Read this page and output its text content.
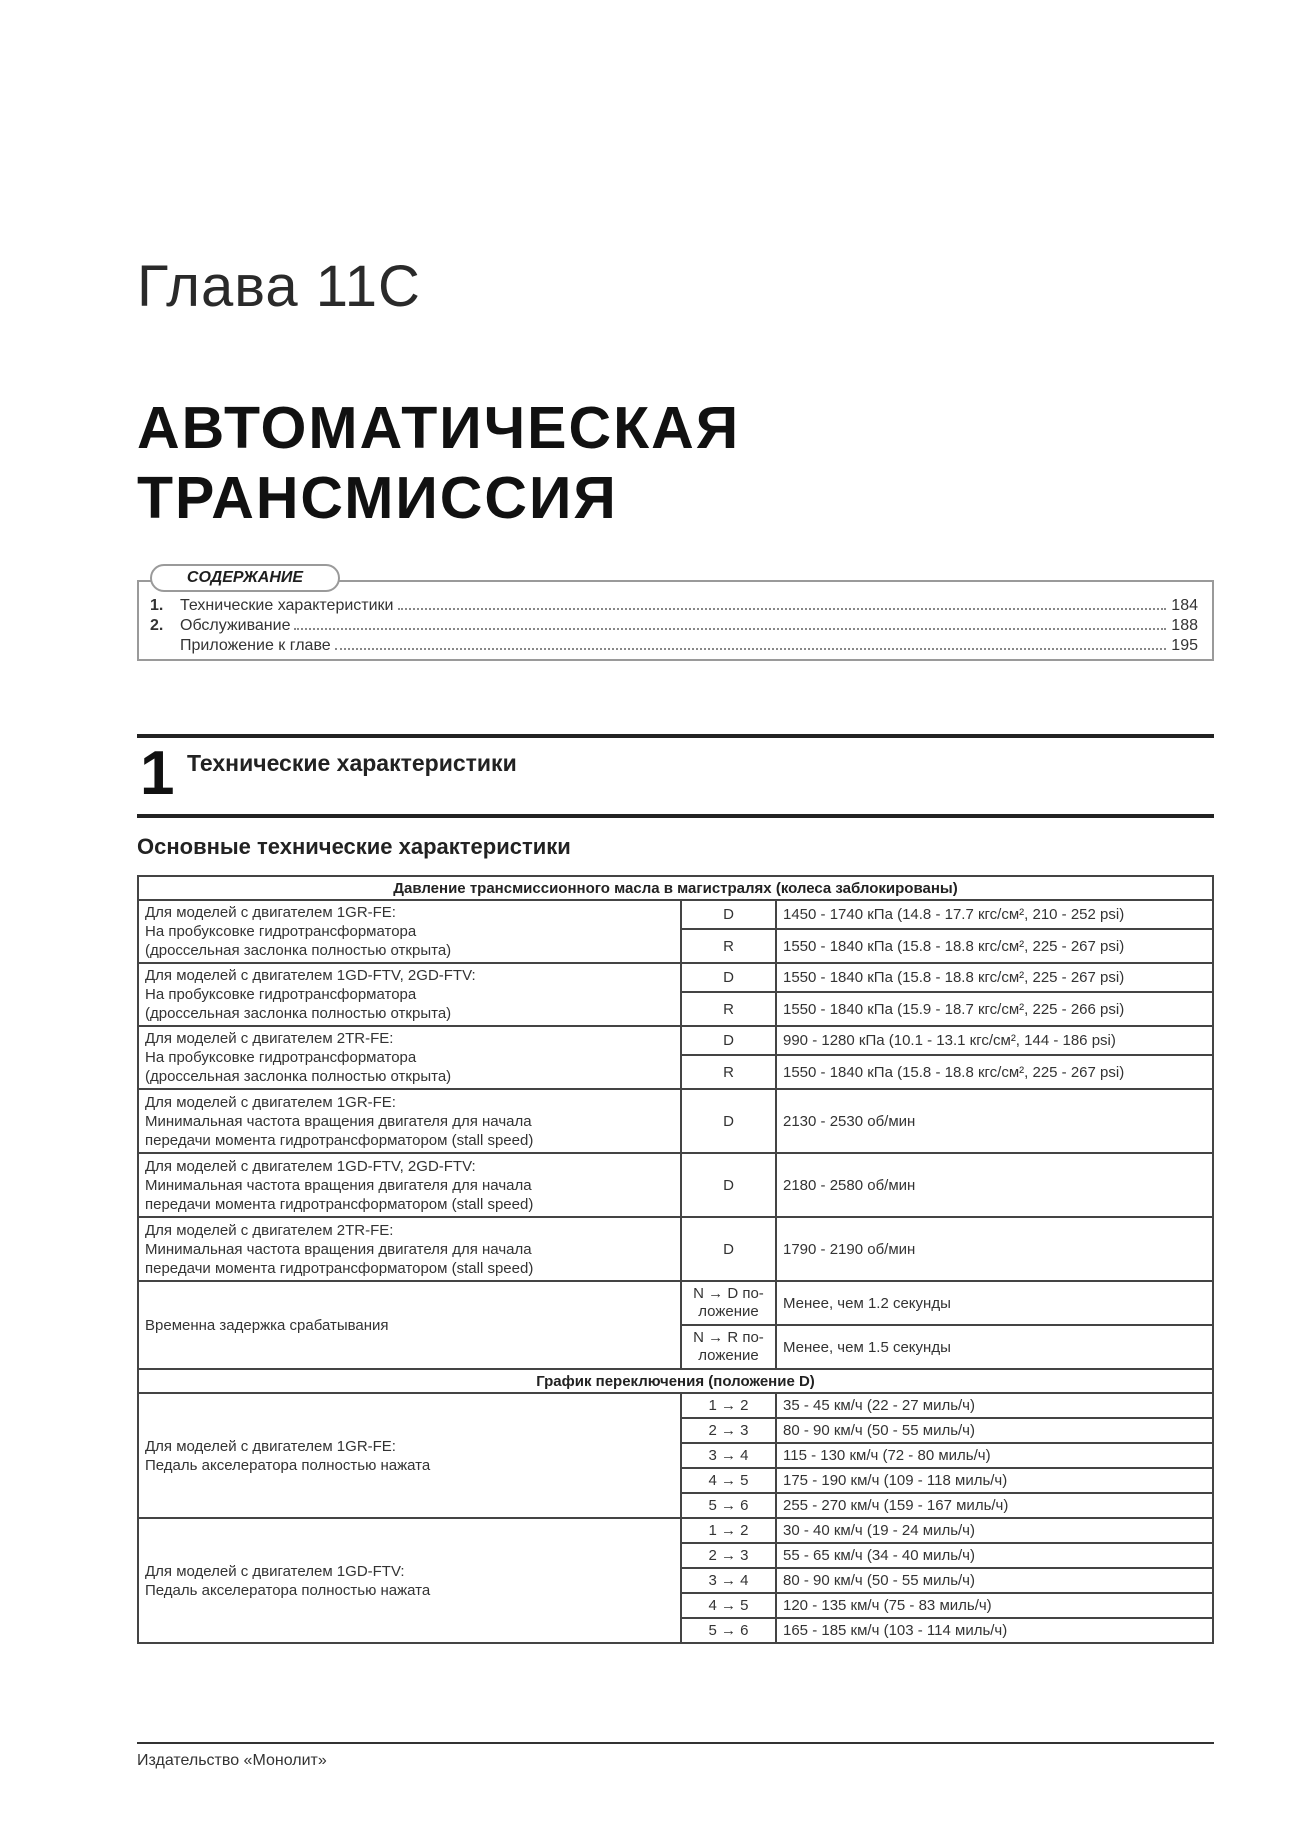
Глава 11С
АВТОМАТИЧЕСКАЯ
ТРАНСМИССИЯ
СОДЕРЖАНИЕ
1.	Технические характеристики	184
2.	Обслуживание	188
Приложение к главе	195
1 Технические характеристики
Основные технические характеристики
Давление трансмиссионного масла в магистралях (колеса заблокированы)		

Для моделей с двигателем 1GR-FE:
На пробуксовке гидротрансформатора
(дроссельная заслонка полностью открыта)	D	1450 - 1740 кПа (14.8 - 17.7 кгс/см², 210 - 252 psi)
	R	1550 - 1840 кПа (15.8 - 18.8 кгс/см², 225 - 267 psi)

Для моделей с двигателем 1GD-FTV, 2GD-FTV:
На пробуксовке гидротрансформатора
(дроссельная заслонка полностью открыта)	D	1550 - 1840 кПа (15.8 - 18.8 кгс/см², 225 - 267 psi)
	R	1550 - 1840 кПа (15.9 - 18.7 кгс/см², 225 - 266 psi)

Для моделей с двигателем 2TR-FE:
На пробуксовке гидротрансформатора
(дроссельная заслонка полностью открыта)	D	990 - 1280 кПа (10.1 - 13.1 кгс/см², 144 - 186 psi)
	R	1550 - 1840 кПа (15.8 - 18.8 кгс/см², 225 - 267 psi)

Для моделей с двигателем 1GR-FE:
Минимальная частота вращения двигателя для начала
передачи момента гидротрансформатором (stall speed)	D	2130 - 2530 об/мин

Для моделей с двигателем 1GD-FTV, 2GD-FTV:
Минимальная частота вращения двигателя для начала
передачи момента гидротрансформатором (stall speed)	D	2180 - 2580 об/мин

Для моделей с двигателем 2TR-FE:
Минимальная частота вращения двигателя для начала
передачи момента гидротрансформатором (stall speed)	D	1790 - 2190 об/мин
Временна задержка срабатывания	N → D по-
ложение	Менее, чем 1.2 секунды

	N → R по-
ложение	Менее, чем 1.5 секунды
График переключения (положение D)		

Для моделей с двигателем 1GR-FE:
Педаль акселератора полностью нажата	1 → 2	35 - 45 км/ч (22 - 27 миль/ч)
	2 → 3	80 - 90 км/ч (50 - 55 миль/ч)
	3 → 4	115 - 130 км/ч (72 - 80 миль/ч)
	4 → 5	175 - 190 км/ч (109 - 118 миль/ч)
	5 → 6	255 - 270 км/ч (159 - 167 миль/ч)

Для моделей с двигателем 1GD-FTV:
Педаль акселератора полностью нажата	1 → 2	30 - 40 км/ч (19 - 24 миль/ч)
	2 → 3	55 - 65 км/ч (34 - 40 миль/ч)
	3 → 4	80 - 90 км/ч (50 - 55 миль/ч)
	4 → 5	120 - 135 км/ч (75 - 83 миль/ч)
	5 → 6	165 - 185 км/ч (103 - 114 миль/ч)
Издательство «Монолит»
